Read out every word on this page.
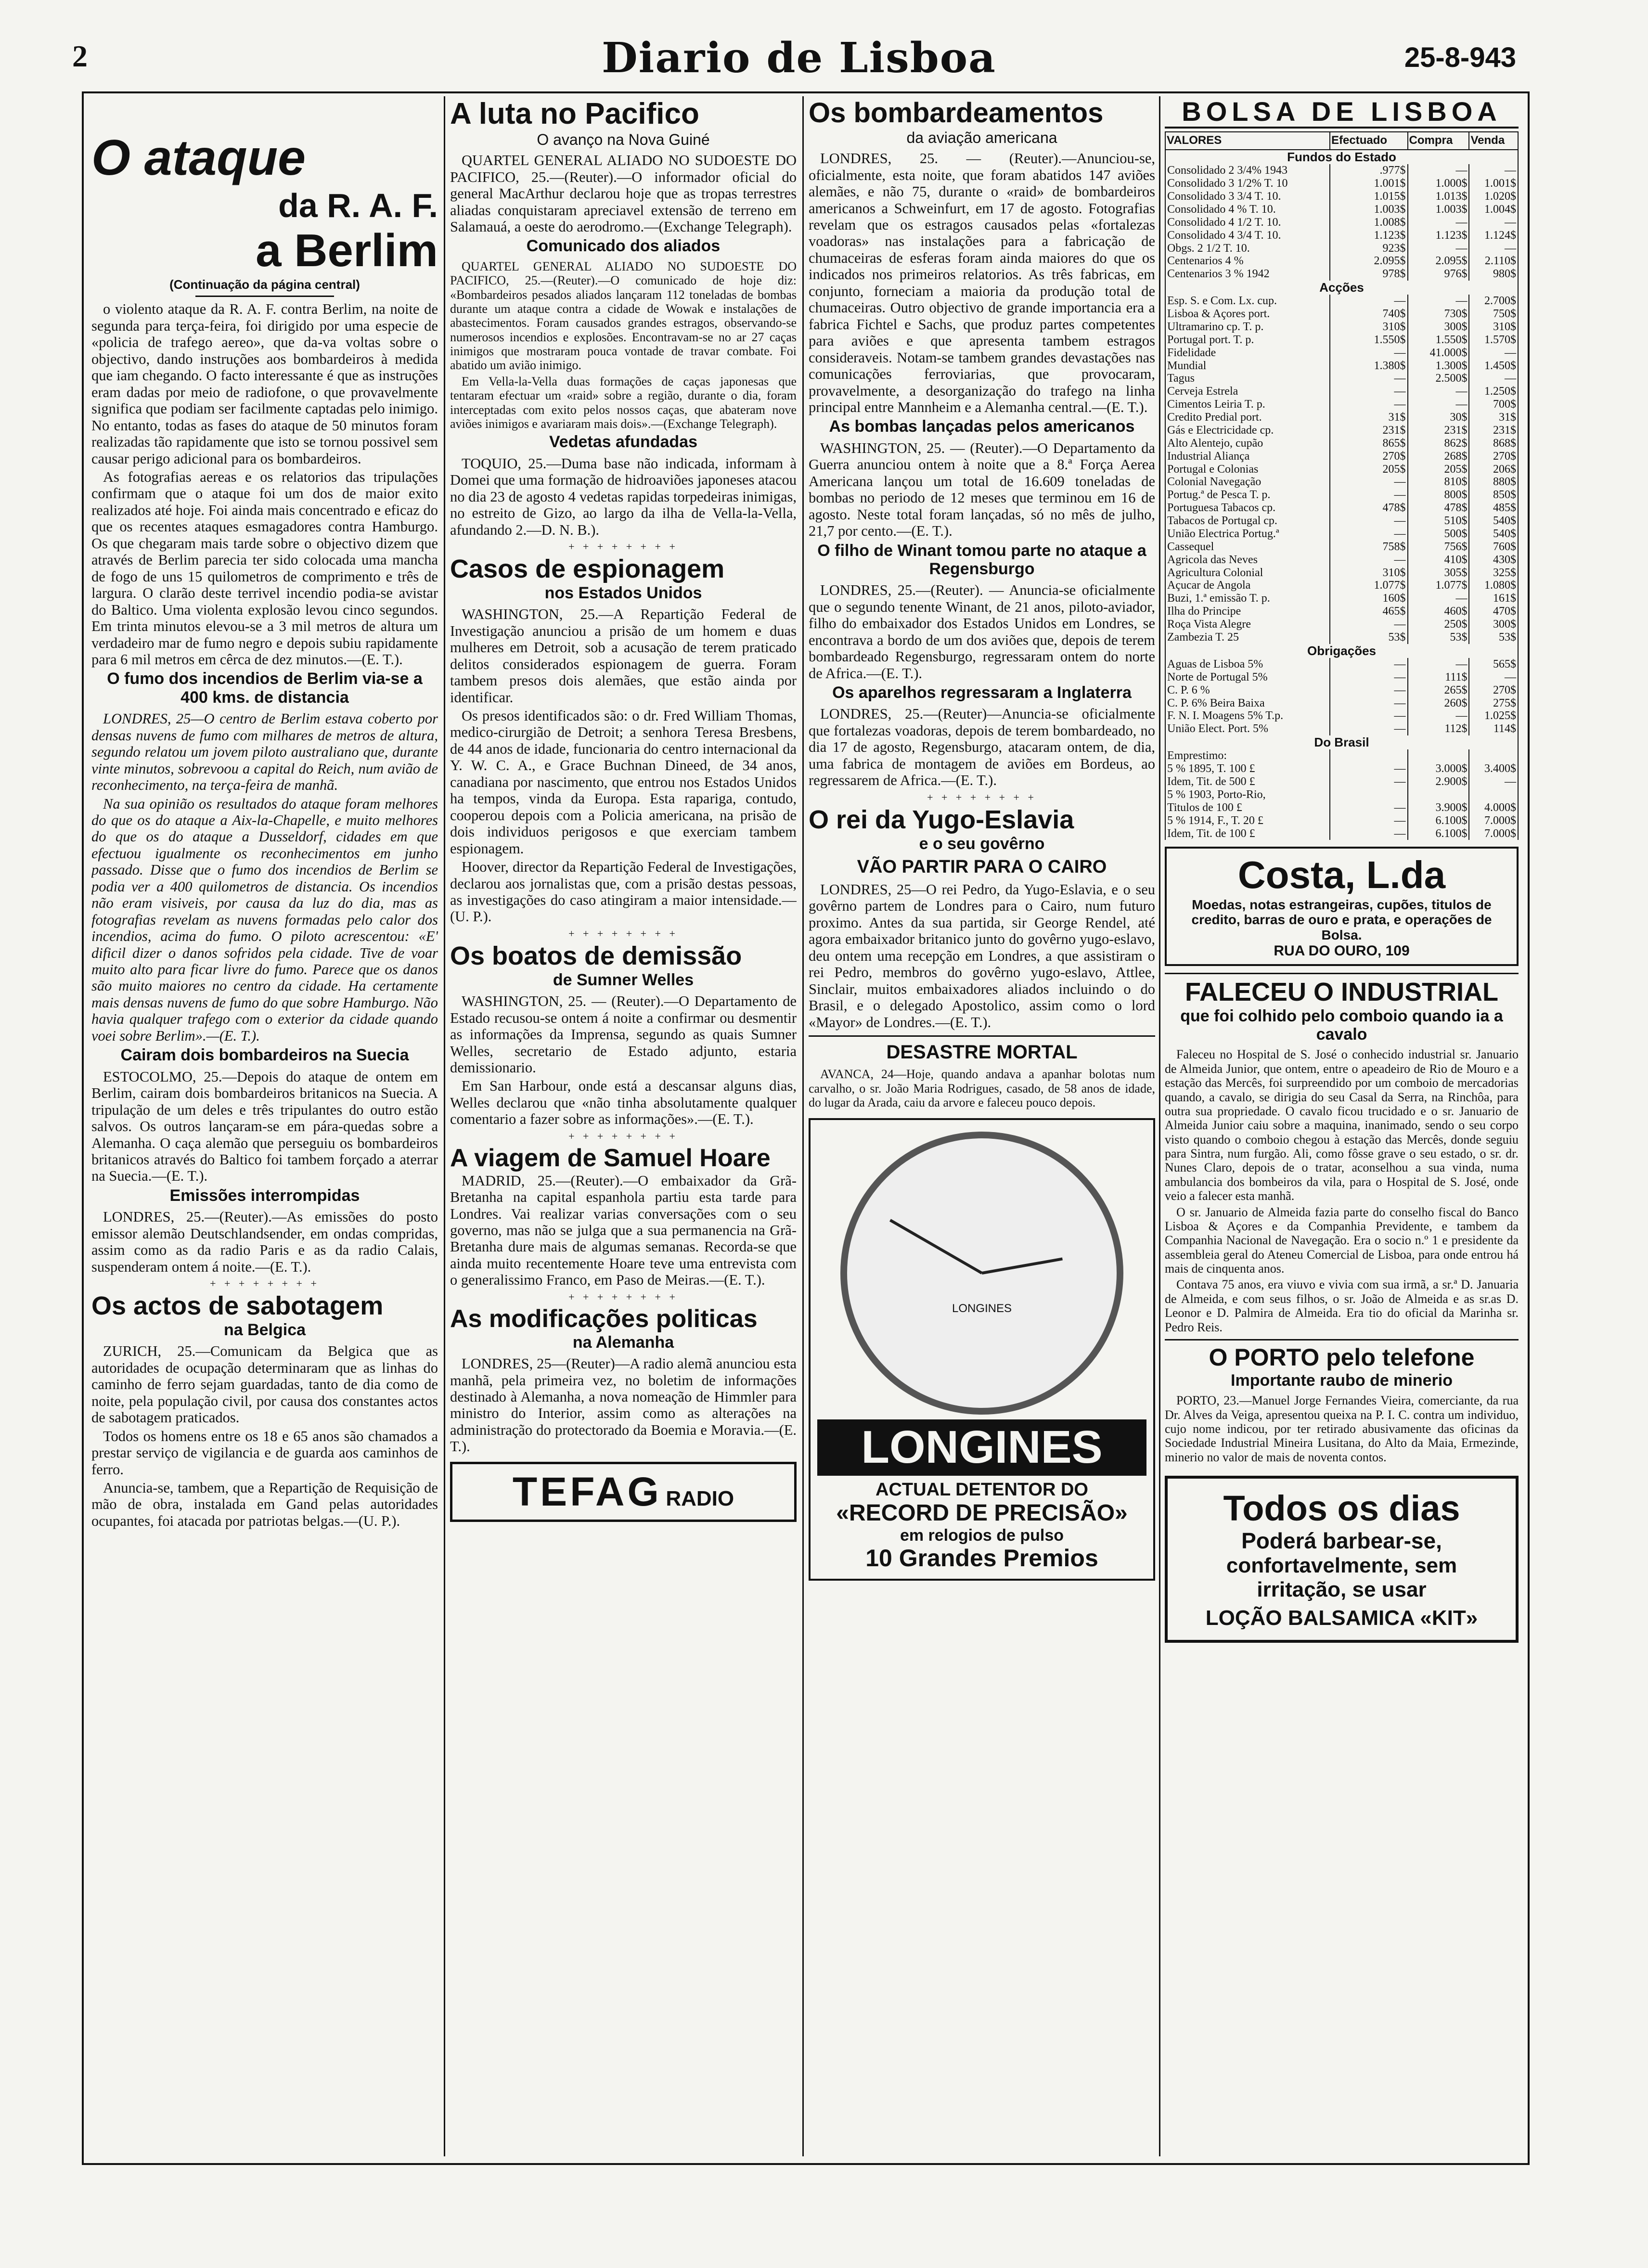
2	Diario de Lisboa	25-8-943
O ataque
da R. A. F.
a Berlim
(Continuação da página central)

o violento ataque da R. A. F. contra Berlim, na noite de segunda para terça-feira, foi dirigido por uma especie de «policia de trafego aereo», que da-va voltas sobre o objectivo, dando instruções aos bombardeiros à medida que iam chegando. O facto interessante é que as instruções eram dadas por meio de radiofone, o que provavelmente significa que podiam ser facilmente captadas pelo inimigo. No entanto, todas as fases do ataque de 50 minutos foram realizadas tão rapidamente que isto se tornou possivel sem causar perigo adicional para os bombardeiros.

As fotografias aereas e os relatorios das tripulações confirmam que o ataque foi um dos de maior exito realizados até hoje. Foi ainda mais concentrado e eficaz do que os recentes ataques esmagadores contra Hamburgo. Os que chegaram mais tarde sobre o objectivo dizem que através de Berlim parecia ter sido colocada uma mancha de fogo de uns 15 quilometros de comprimento e três de largura. O clarão deste terrivel incendio podia-se avistar do Baltico. Uma violenta explosão levou cinco segundos. Em trinta minutos elevou-se a 3 mil metros de altura um verdadeiro mar de fumo negro e depois subiu rapidamente para 6 mil metros em cêrca de dez minutos.—(E. T.).

O fumo dos incendios de Berlim via-se a 400 kms. de distancia

LONDRES, 25—O centro de Berlim estava coberto por densas nuvens de fumo com milhares de metros de altura, segundo relatou um jovem piloto australiano que, durante vinte minutos, sobrevoou a capital do Reich, num avião de reconhecimento, na terça-feira de manhã.

Na sua opinião os resultados do ataque foram melhores do que os do ataque a Aix-la-Chapelle, e muito melhores do que os do ataque a Dusseldorf, cidades em que efectuou igualmente os reconhecimentos em junho passado. Disse que o fumo dos incendios de Berlim se podia ver a 400 quilometros de distancia. Os incendios não eram visiveis, por causa da luz do dia, mas as fotografias revelam as nuvens formadas pelo calor dos incendios, acima do fumo. O piloto acrescentou: «E' dificil dizer o danos sofridos pela cidade. Tive de voar muito alto para ficar livre do fumo. Parece que os danos são muito maiores no centro da cidade. Ha certamente mais densas nuvens de fumo do que sobre Hamburgo. Não havia qualquer trafego com o exterior da cidade quando voei sobre Berlim».—(E. T.).

Cairam dois bombardeiros na Suecia

ESTOCOLMO, 25.—Depois do ataque de ontem em Berlim, cairam dois bombardeiros britanicos na Suecia. A tripulação de um deles e três tripulantes do outro estão salvos. Os outros lançaram-se em pára-quedas sobre a Alemanha. O caça alemão que perseguiu os bombardeiros britanicos através do Baltico foi tambem forçado a aterrar na Suecia.—(E. T.).

Emissões interrompidas

LONDRES, 25.—(Reuter).—As emissões do posto emissor alemão Deutschlandsender, em ondas compridas, assim como as da radio Paris e as da radio Calais, suspenderam ontem á noite.—(E. T.).

+ + + + + + + +
Os actos de sabotagem
na Belgica

ZURICH, 25.—Comunicam da Belgica que as autoridades de ocupação determinaram que as linhas do caminho de ferro sejam guardadas, tanto de dia como de noite, pela população civil, por causa dos constantes actos de sabotagem praticados.

Todos os homens entre os 18 e 65 anos são chamados a prestar serviço de vigilancia e de guarda aos caminhos de ferro.

Anuncia-se, tambem, que a Repartição de Requisição de mão de obra, instalada em Gand pelas autoridades ocupantes, foi atacada por patriotas belgas.—(U. P.).

A luta no Pacifico
O avanço na Nova Guiné

QUARTEL GENERAL ALIADO NO SUDOESTE DO PACIFICO, 25.—(Reuter).—O informador oficial do general MacArthur declarou hoje que as tropas terrestres aliadas conquistaram apreciavel extensão de terreno em Salamauá, a oeste do aerodromo.—(Exchange Telegraph).

Comunicado dos aliados

QUARTEL GENERAL ALIADO NO SUDOESTE DO PACIFICO, 25.—(Reuter).—O comunicado de hoje diz: «Bombardeiros pesados aliados lançaram 112 toneladas de bombas durante um ataque contra a cidade de Wowak e instalações de abastecimentos. Foram causados grandes estragos, observando-se numerosos incendios e explosões. Encontravam-se no ar 27 caças inimigos que mostraram pouca vontade de travar combate. Foi abatido um avião inimigo.

Em Vella-la-Vella duas formações de caças japonesas que tentaram efectuar um «raid» sobre a região, durante o dia, foram interceptadas com exito pelos nossos caças, que abateram nove aviões inimigos e avariaram mais dois».—(Exchange Telegraph).

Vedetas afundadas

TOQUIO, 25.—Duma base não indicada, informam à Domei que uma formação de hidroaviões japoneses atacou no dia 23 de agosto 4 vedetas rapidas torpedeiras inimigas, no estreito de Gizo, ao largo da ilha de Vella-la-Vella, afundando 2.—D. N. B.).

+ + + + + + + +
Casos de espionagem
nos Estados Unidos

WASHINGTON, 25.—A Repartição Federal de Investigação anunciou a prisão de um homem e duas mulheres em Detroit, sob a acusação de terem praticado delitos considerados espionagem de guerra. Foram tambem presos dois alemães, que estão ainda por identificar.

Os presos identificados são: o dr. Fred William Thomas, medico-cirurgião de Detroit; a senhora Teresa Bresbens, de 44 anos de idade, funcionaria do centro internacional da Y. W. C. A., e Grace Buchnan Dineed, de 34 anos, canadiana por nascimento, que entrou nos Estados Unidos ha tempos, vinda da Europa. Esta rapariga, contudo, cooperou depois com a Policia americana, na prisão de dois individuos perigosos e que exerciam tambem espionagem.

Hoover, director da Repartição Federal de Investigações, declarou aos jornalistas que, com a prisão destas pessoas, as investigações do caso atingiram a maior intensidade.—(U. P.).

+ + + + + + + +
Os boatos de demissão
de Sumner Welles

WASHINGTON, 25. — (Reuter).—O Departamento de Estado recusou-se ontem á noite a confirmar ou desmentir as informações da Imprensa, segundo as quais Sumner Welles, secretario de Estado adjunto, estaria demissionario.

Em San Harbour, onde está a descansar alguns dias, Welles declarou que «não tinha absolutamente qualquer comentario a fazer sobre as informações».—(E. T.).

+ + + + + + + +
A viagem de Samuel Hoare

MADRID, 25.—(Reuter).—O embaixador da Grã-Bretanha na capital espanhola partiu esta tarde para Londres. Vai realizar varias conversações com o seu governo, mas não se julga que a sua permanencia na Grã-Bretanha dure mais de algumas semanas. Recorda-se que ainda muito recentemente Hoare teve uma entrevista com o generalissimo Franco, em Paso de Meiras.—(E. T.).

+ + + + + + + +
As modificações politicas
na Alemanha

LONDRES, 25—(Reuter)—A radio alemã anunciou esta manhã, pela primeira vez, no boletim de informações destinado à Alemanha, a nova nomeação de Himmler para ministro do Interior, assim como as alterações na administração do protectorado da Boemia e Moravia.—(E. T.).

TEFAG RADIO
Os bombardeamentos
da aviação americana

LONDRES, 25. — (Reuter).—Anunciou-se, oficialmente, esta noite, que foram abatidos 147 aviões alemães, e não 75, durante o «raid» de bombardeiros americanos a Schweinfurt, em 17 de agosto. Fotografias revelam que os estragos causados pelas «fortalezas voadoras» nas instalações para a fabricação de chumaceiras de esferas foram ainda maiores do que os indicados nos primeiros relatorios. As três fabricas, em conjunto, forneciam a maioria da produção total de chumaceiras. Outro objectivo de grande importancia era a fabrica Fichtel e Sachs, que produz partes competentes para aviões e que apresenta tambem estragos consideraveis. Notam-se tambem grandes devastações nas comunicações ferroviarias, que provocaram, provavelmente, a desorganização do trafego na linha principal entre Mannheim e a Alemanha central.—(E. T.).

As bombas lançadas pelos americanos

WASHINGTON, 25. — (Reuter).—O Departamento da Guerra anunciou ontem à noite que a 8.ª Força Aerea Americana lançou um total de 16.609 toneladas de bombas no periodo de 12 meses que terminou em 16 de agosto. Neste total foram lançadas, só no mês de julho, 21,7 por cento.—(E. T.).

O filho de Winant tomou parte no ataque a Regensburgo

LONDRES, 25.—(Reuter). — Anuncia-se oficialmente que o segundo tenente Winant, de 21 anos, piloto-aviador, filho do embaixador dos Estados Unidos em Londres, se encontrava a bordo de um dos aviões que, depois de terem bombardeado Regensburgo, regressaram ontem do norte de Africa.—(E. T.).

Os aparelhos regressaram a Inglaterra

LONDRES, 25.—(Reuter)—Anuncia-se oficialmente que fortalezas voadoras, depois de terem bombardeado, no dia 17 de agosto, Regensburgo, atacaram ontem, de dia, uma fabrica de montagem de aviões em Bordeus, ao regressarem de Africa.—(E. T.).

+ + + + + + + +
O rei da Yugo-Eslavia
e o seu govêrno
VÃO PARTIR PARA O CAIRO

LONDRES, 25—O rei Pedro, da Yugo-Eslavia, e o seu govêrno partem de Londres para o Cairo, num futuro proximo. Antes da sua partida, sir George Rendel, até agora embaixador britanico junto do govêrno yugo-eslavo, deu ontem uma recepção em Londres, a que assistiram o rei Pedro, membros do govêrno yugo-eslavo, Attlee, Sinclair, muitos embaixadores aliados incluindo o do Brasil, e o delegado Apostolico, assim como o lord «Mayor» de Londres.—(E. T.).

DESASTRE MORTAL

AVANCA, 24—Hoje, quando andava a apanhar bolotas num carvalho, o sr. João Maria Rodrigues, casado, de 58 anos de idade, do lugar da Arada, caiu da arvore e faleceu pouco depois.

LONGINES
LONGINES
ACTUAL DETENTOR DO
«RECORD DE PRECISÃO»
em relogios de pulso
10 Grandes Premios
BOLSA DE LISBOA
VALORES	Efectuado	Compra	Venda
Fundos do Estado			
Consolidado 2 3/4% 1943	.977$	—	—
Consolidado 3 1/2% T. 10	1.001$	1.000$	1.001$
Consolidado 3 3/4 T. 10.	1.015$	1.013$	1.020$
Consolidado 4 % T. 10.	1.003$	1.003$	1.004$
Consolidado 4 1/2 T. 10.	1.008$	—	—
Consolidado 4 3/4 T. 10.	1.123$	1.123$	1.124$
Obgs. 2 1/2 T. 10.	923$	—	—
Centenarios 4 %	2.095$	2.095$	2.110$
Centenarios 3 % 1942	978$	976$	980$
Acções			
Esp. S. e Com. Lx. cup.	—	—	2.700$
Lisboa & Açores port.	740$	730$	750$
Ultramarino cp. T. p.	310$	300$	310$
Portugal port. T. p.	1.550$	1.550$	1.570$
Fidelidade	—	41.000$	—
Mundial	1.380$	1.300$	1.450$
Tagus	—	2.500$	—
Cerveja Estrela	—	—	1.250$
Cimentos Leiria T. p.	—	—	700$
Credito Predial port.	31$	30$	31$
Gás e Electricidade cp.	231$	231$	231$
Alto Alentejo, cupão	865$	862$	868$
Industrial Aliança	270$	268$	270$
Portugal e Colonias	205$	205$	206$
Colonial Navegação	—	810$	880$
Portug.ª de Pesca T. p.	—	800$	850$
Portuguesa Tabacos cp.	478$	478$	485$
Tabacos de Portugal cp.	—	510$	540$
União Electrica Portug.ª	—	500$	540$
Cassequel	758$	756$	760$
Agricola das Neves	—	410$	430$
Agricultura Colonial	310$	305$	325$
Açucar de Angola	1.077$	1.077$	1.080$
Buzi, 1.ª emissão T. p.	160$	—	161$
Ilha do Principe	465$	460$	470$
Roça Vista Alegre	—	250$	300$
Zambezia T. 25	53$	53$	53$
Obrigações			
Aguas de Lisboa 5%	—	—	565$
Norte de Portugal 5%	—	111$	—
C. P. 6 %	—	265$	270$
C. P. 6% Beira Baixa	—	260$	275$
F. N. I. Moagens 5% T.p.	—	—	1.025$
União Elect. Port. 5%	—	112$	114$
Do Brasil			
Emprestimo:			
5 % 1895, T. 100 £	—	3.000$	3.400$
Idem, Tit. de 500 £	—	2.900$	—
5 % 1903, Porto-Rio,			
Titulos de 100 £	—	3.900$	4.000$
5 % 1914, F., T. 20 £	—	6.100$	7.000$
Idem, Tit. de 100 £	—	6.100$	7.000$
Costa, L.da
Moedas, notas estrangeiras, cupões, titulos de credito, barras de ouro e prata, e operações de Bolsa.
RUA DO OURO, 109
FALECEU O INDUSTRIAL
que foi colhido pelo comboio quando ia a cavalo

Faleceu no Hospital de S. José o conhecido industrial sr. Januario de Almeida Junior, que ontem, entre o apeadeiro de Rio de Mouro e a estação das Mercês, foi surpreendido por um comboio de mercadorias quando, a cavalo, se dirigia do seu Casal da Serra, na Rinchôa, para outra sua propriedade. O cavalo ficou trucidado e o sr. Januario de Almeida Junior caiu sobre a maquina, inanimado, sendo o seu corpo visto quando o comboio chegou à estação das Mercês, donde seguiu para Sintra, num furgão. Ali, como fôsse grave o seu estado, o sr. dr. Nunes Claro, depois de o tratar, aconselhou a sua vinda, numa ambulancia dos bombeiros da vila, para o Hospital de S. José, onde veio a falecer esta manhã.

O sr. Januario de Almeida fazia parte do conselho fiscal do Banco Lisboa & Açores e da Companhia Previdente, e tambem da Companhia Nacional de Navegação. Era o socio n.º 1 e presidente da assembleia geral do Ateneu Comercial de Lisboa, para onde entrou há mais de cinquenta anos.

Contava 75 anos, era viuvo e vivia com sua irmã, a sr.ª D. Januaria de Almeida, e com seus filhos, o sr. João de Almeida e as sr.as D. Leonor e D. Palmira de Almeida. Era tio do oficial da Marinha sr. Pedro Reis.

O PORTO pelo telefone
Importante raubo de minerio

PORTO, 23.—Manuel Jorge Fernandes Vieira, comerciante, da rua Dr. Alves da Veiga, apresentou queixa na P. I. C. contra um individuo, cujo nome indicou, por ter retirado abusivamente das oficinas da Sociedade Industrial Mineira Lusitana, do Alto da Maia, Ermezinde, minerio no valor de mais de noventa contos.

Todos os dias
Poderá barbear-se,
confortavelmente, sem
irritação, se usar
LOÇÃO BALSAMICA «KIT»
